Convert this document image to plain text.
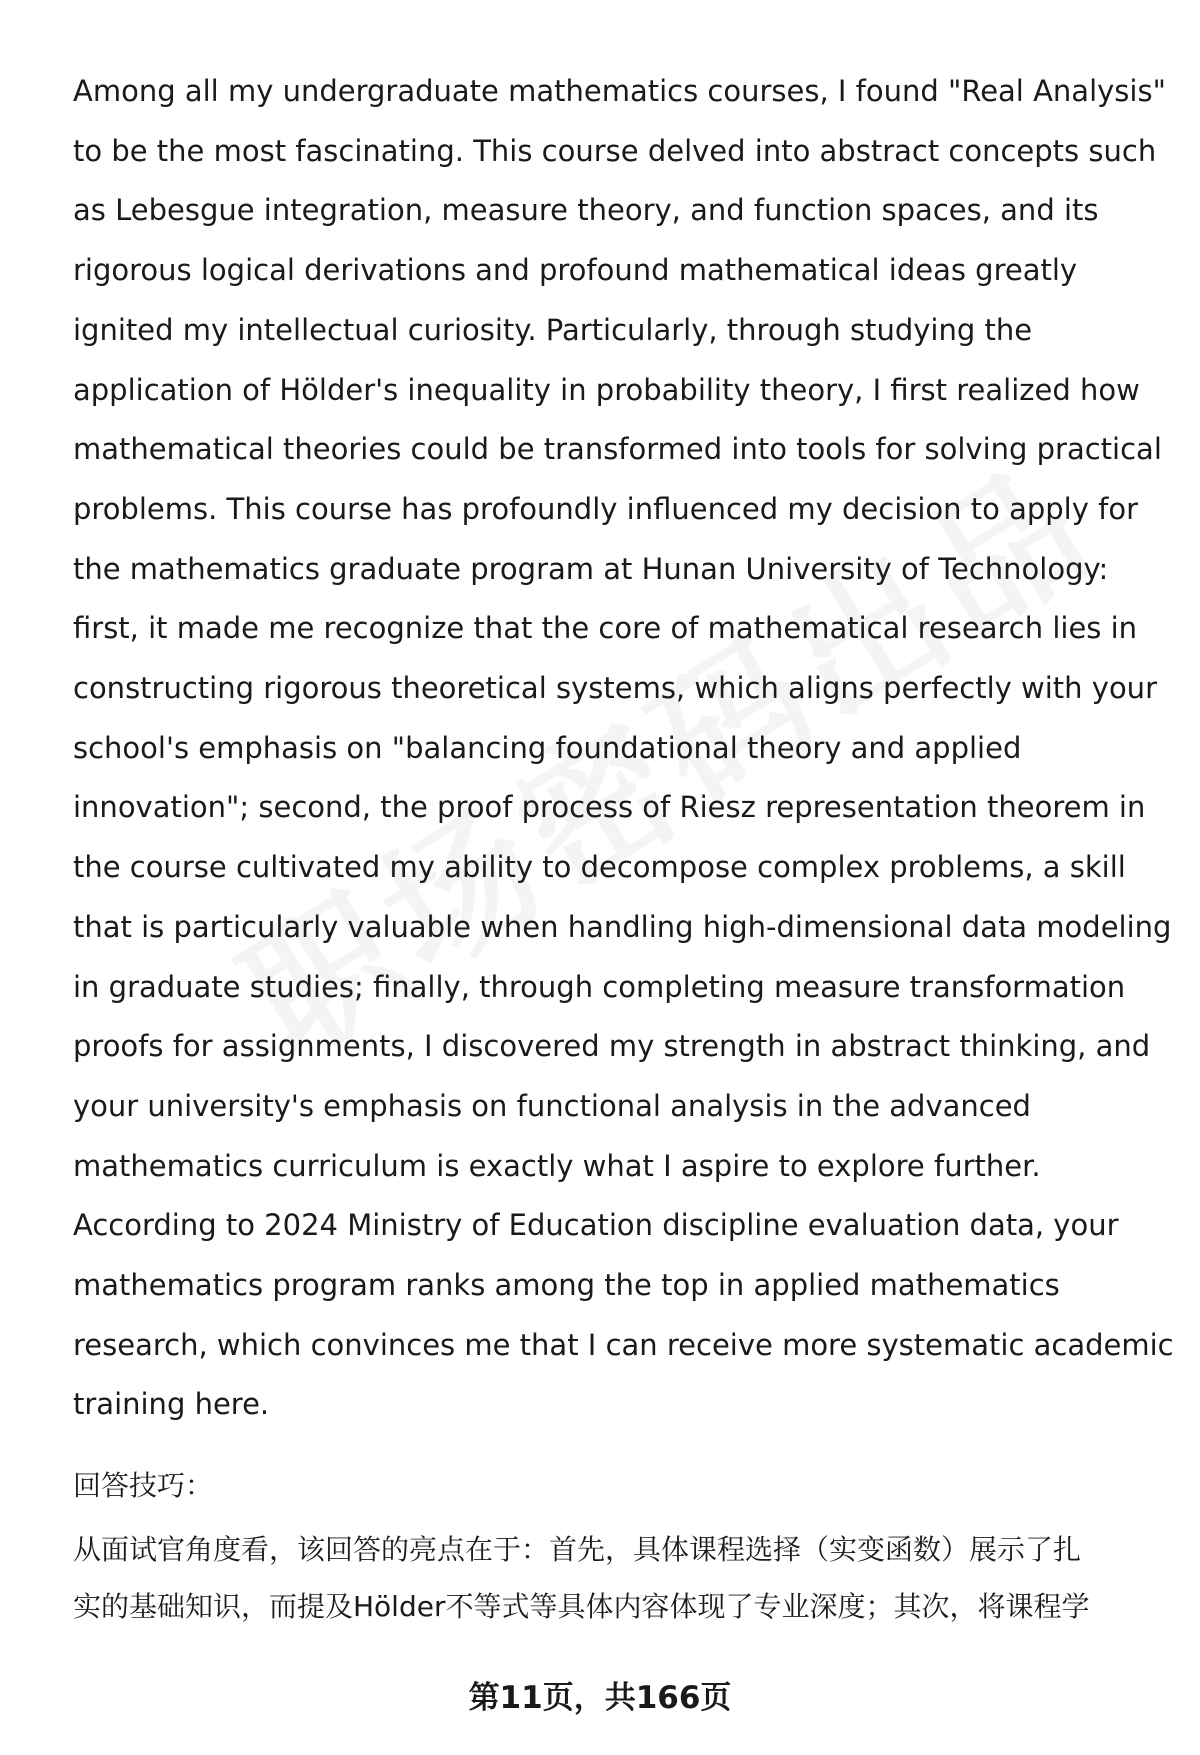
Among all my undergraduate mathematics courses, I found "Real Analysis"
to be the most fascinating. This course delved into abstract concepts such
as Lebesgue integration, measure theory, and function spaces, and its
rigorous logical derivations and profound mathematical ideas greatly
ignited my intellectual curiosity. Particularly, through studying the
application of Hölder's inequality in probability theory, I first realized how
mathematical theories could be transformed into tools for solving practical
problems. This course has profoundly influenced my decision to apply for
the mathematics graduate program at Hunan University of Technology:
first, it made me recognize that the core of mathematical research lies in
constructing rigorous theoretical systems, which aligns perfectly with your
school's emphasis on "balancing foundational theory and applied
innovation"; second, the proof process of Riesz representation theorem in
the course cultivated my ability to decompose complex problems, a skill
that is particularly valuable when handling high-dimensional data modeling
in graduate studies; finally, through completing measure transformation
proofs for assignments, I discovered my strength in abstract thinking, and
your university's emphasis on functional analysis in the advanced
mathematics curriculum is exactly what I aspire to explore further.
According to 2024 Ministry of Education discipline evaluation data, your
mathematics program ranks among the top in applied mathematics
research, which convinces me that I can receive more systematic academic
training here.

回答技巧：

从面试官角度看，该回答的亮点在于：首先，具体课程选择（实变函数）展示了扎
实的基础知识，而提及Hölder不等式等具体内容体现了专业深度；其次，将课程学

第11页，共166页
